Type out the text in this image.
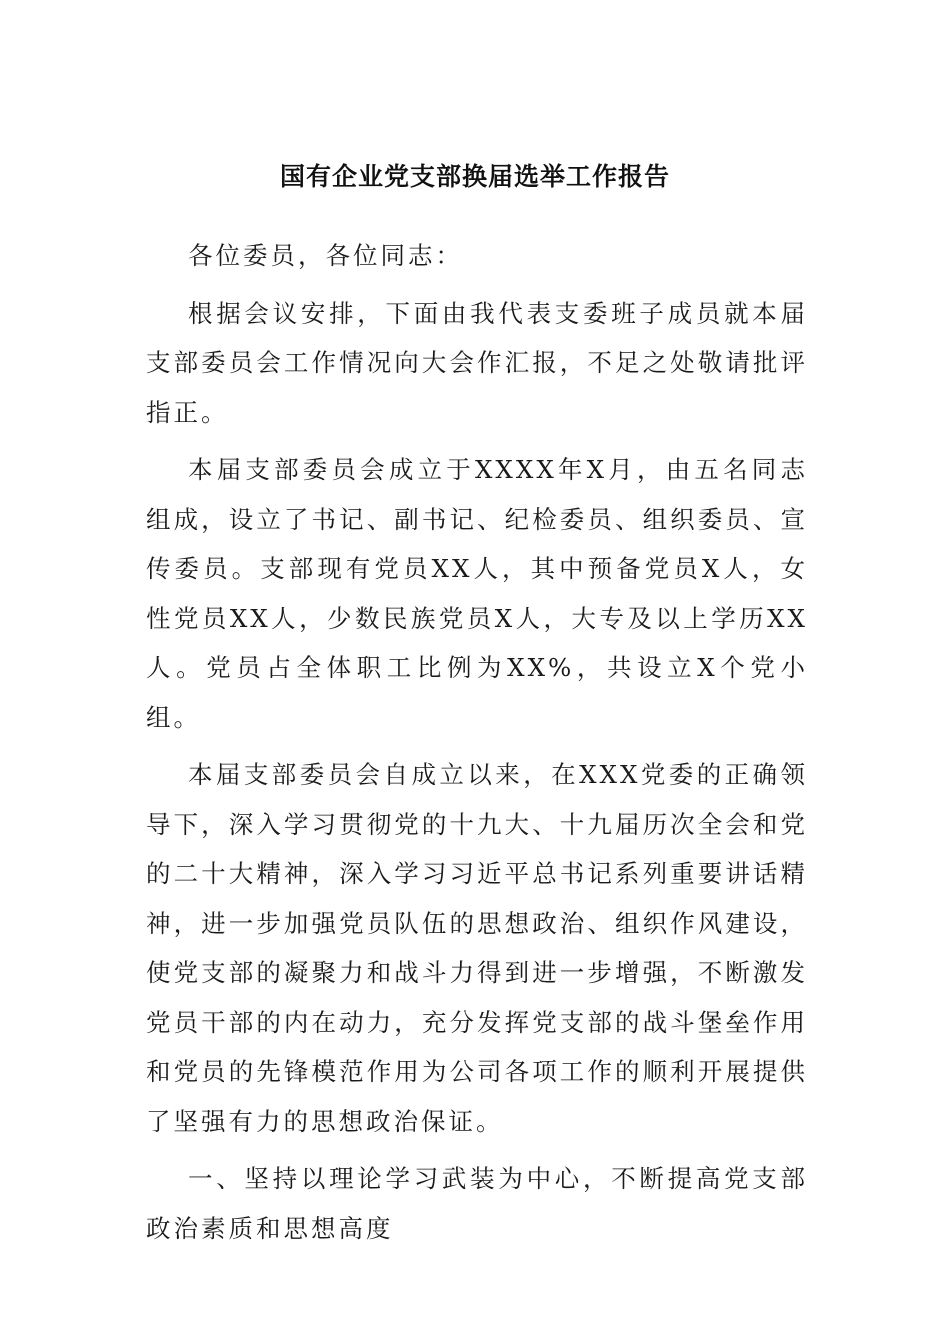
国有企业党支部换届选举工作报告

各位委员，各位同志：

根据会议安排，下面由我代表支委班子成员就本届支部委员会工作情况向大会作汇报，不足之处敬请批评指正。

本届支部委员会成立于XXXX年X月，由五名同志组成，设立了书记、副书记、纪检委员、组织委员、宣传委员。支部现有党员XX人，其中预备党员X人，女性党员XX人，少数民族党员X人，大专及以上学历XX人。党员占全体职工比例为XX%，共设立X个党小组。

本届支部委员会自成立以来，在XXX党委的正确领导下，深入学习贯彻党的十九大、十九届历次全会和党的二十大精神，深入学习习近平总书记系列重要讲话精神，进一步加强党员队伍的思想政治、组织作风建设，使党支部的凝聚力和战斗力得到进一步增强，不断激发党员干部的内在动力，充分发挥党支部的战斗堡垒作用和党员的先锋模范作用为公司各项工作的顺利开展提供了坚强有力的思想政治保证。

一、坚持以理论学习武装为中心，不断提高党支部政治素质和思想高度
